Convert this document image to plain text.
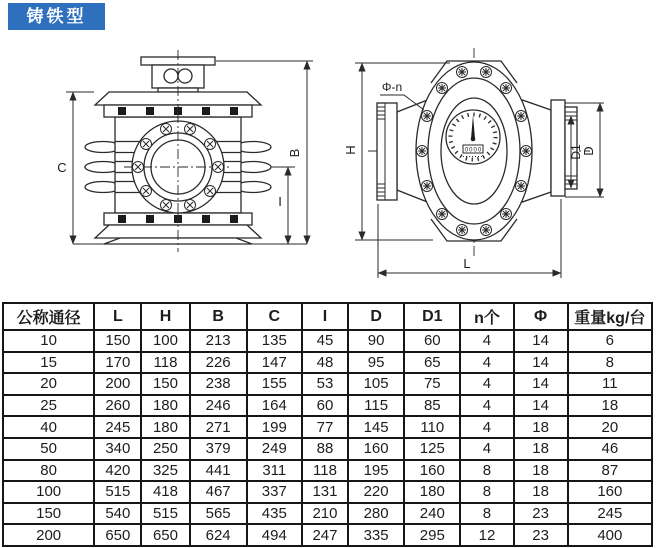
铸铁型
C
B
I
0000
H
Φ-n
D1
D
L
公称通径	L	H	B	C	I	D	D1	n个	Φ	重量kg/台
10	150	100	213	135	45	90	60	4	14	6
15	170	118	226	147	48	95	65	4	14	8
20	200	150	238	155	53	105	75	4	14	11
25	260	180	246	164	60	115	85	4	14	18
40	245	180	271	199	77	145	110	4	18	20
50	340	250	379	249	88	160	125	4	18	46
80	420	325	441	311	118	195	160	8	18	87
100	515	418	467	337	131	220	180	8	18	160
150	540	515	565	435	210	280	240	8	23	245
200	650	650	624	494	247	335	295	12	23	400
